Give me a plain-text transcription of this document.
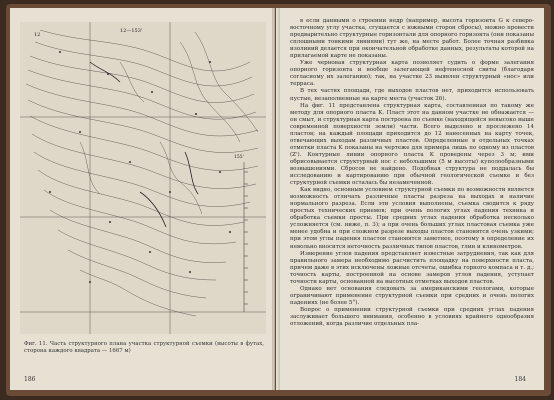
12
12—153'
155'
Фиг. 11. Часть структурного плана участка структурной съемки (высоты в футах, сторона каждого квадрата — 1667 м)
186

в если данными о строении недр (например, высота горизонта G к северо-восточному углу участка, сгущается с южными сторон сбросы), можно провести предварительно структурные горизонтали для опорного горизонта (они показаны сплошными тонкими линиями) тут же, на месте работ. Более точная разбивка изолиний делается при окончательной обработке данных, результаты которой на прилагаемой карте не показаны.

Уже черновая структурная карта позволяет судить о форме залегания опорного горизонта и вообще залегающей нефтеносной свиты (благодаря согласному их залеганию); так, на участке 23 выявлен структурный «нос» или терраса.

В тех частях площади, где выходов пластов нет, приходится использовать пустые, незаполненные на карте места (участок 26).

На фиг. 11 представлена структурная карта, составленная по такому же методу для опорного пласта K. Пласт этот на данном участке не обнажается — он смыт, и структурная карта построена по съемке (находящейся невысоко выше современной поверхности земли) части. Всего выделено и прослежено 14 пластов; на каждый площади приходится до 12 нанесенных на карту точек, отвечающих выходам различных пластов. Определенные в отдельных точках отметки пласта K показаны на чертеже для примера лишь по одному из пластов (Z'). Контурные линии опорного пласта K проведены через 3 м; ими обрисовывается структурный нос с небольшими (5 м высоты) куполообразными возвышениями. Сбросов не найдено. Подобная структура не поддалась бы исследованию и картированию при обычной геологической съемке и без структурной съемки осталась бы незамеченной.

Как видно, основным условием структурной съемки по возможности является возможность отличать различные пласты разреза на выходах и наличие нормального разреза. Если эти условия выполнены, съемка сводится к ряду простых технических приемов; при очень пологих углах падения техника и обработка съемки просты. При средних углах падения обработка несколько усложняется (см. ниже, п. 3); а при очень больших углах пластовая съемка уже менее удобна и при сложном разрезе выходы пластов становятся очень узкими; при этом углы падения пластов становятся заметнее, поэтому в определение их невольно вносится неточность различных типов пластов, глин и клинометров.

Измерение углов падения представляет известные затруднения, так как для правильного замера необходимо расчистить площадку на поверхности пласта, причем даже в этих исключены ложные отсчеты, ошибка горного компаса и т. д.; точность карты, построенной на основе замеров углов падения, уступает точности карты, основанной на высотных отметках выходов пластов.

Однако нет основания следовать за американскими геологами, которые ограничивают применение структурной съемки при средних и очень пологих падениях (не более 5°).

Вопрос о применении структурной съемки при средних углах падения заслуживает большого внимания, особенно в условиях крайнего однообразия отложений, когда различие отдельных пла-

184
